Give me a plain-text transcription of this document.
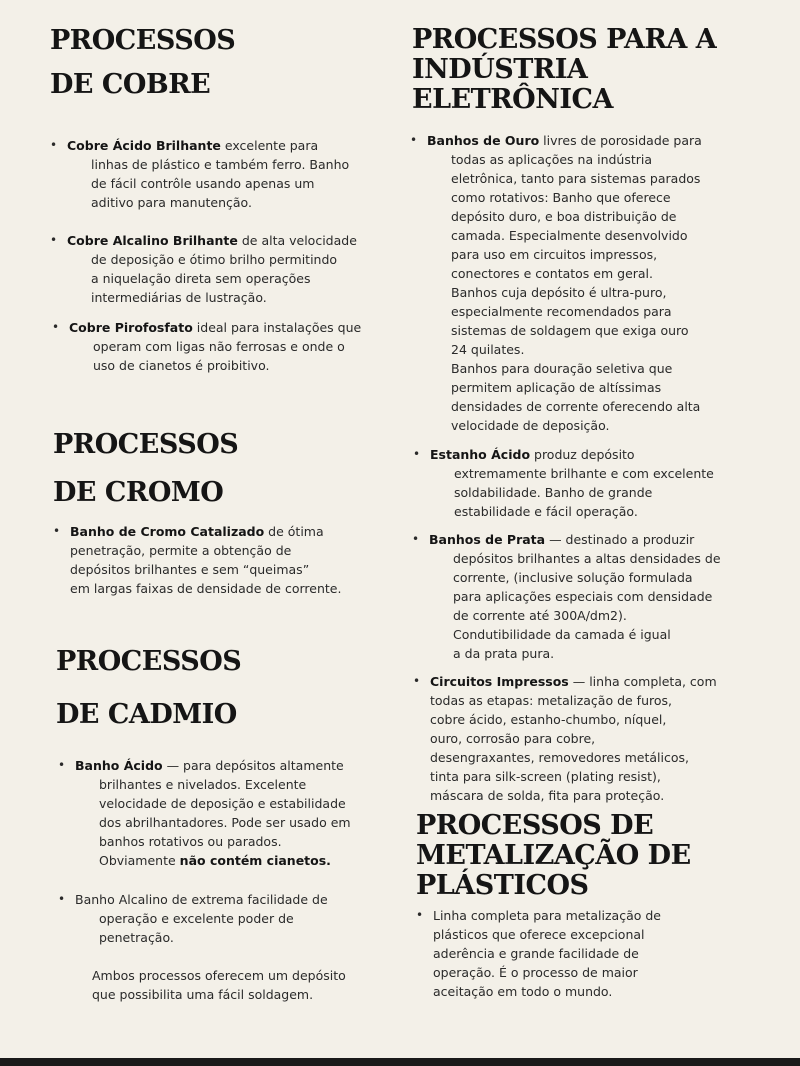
PROCESSOS
DE COBRE
• Cobre Ácido Brilhante excelente para
linhas de plástico e também ferro. Banho
de fácil contrôle usando apenas um
aditivo para manutenção.
• Cobre Alcalino Brilhante de alta velocidade
de deposição e ótimo brilho permitindo
a niquelação direta sem operações
intermediárias de lustração.
• Cobre Pirofosfato ideal para instalações que
operam com ligas não ferrosas e onde o
uso de cianetos é proibitivo.
PROCESSOS
DE CROMO
• Banho de Cromo Catalizado de ótima
penetração, permite a obtenção de
depósitos brilhantes e sem “queimas”
em largas faixas de densidade de corrente.
PROCESSOS
DE CADMIO
• Banho Ácido — para depósitos altamente
brilhantes e nivelados. Excelente
velocidade de deposição e estabilidade
dos abrilhantadores. Pode ser usado em
banhos rotativos ou parados.
Obviamente não contém cianetos.
• Banho Alcalino de extrema facilidade de
operação e excelente poder de
penetração.
Ambos processos oferecem um depósito
que possibilita uma fácil soldagem.
PROCESSOS PARA A
INDÚSTRIA
ELETRÔNICA
• Banhos de Ouro livres de porosidade para
todas as aplicações na indústria
eletrônica, tanto para sistemas parados
como rotativos: Banho que oferece
depósito duro, e boa distribuição de
camada. Especialmente desenvolvido
para uso em circuitos impressos,
conectores e contatos em geral.
Banhos cuja depósito é ultra-puro,
especialmente recomendados para
sistemas de soldagem que exiga ouro
24 quilates.
Banhos para douração seletiva que
permitem aplicação de altíssimas
densidades de corrente oferecendo alta
velocidade de deposição.
• Estanho Ácido produz depósito
extremamente brilhante e com excelente
soldabilidade. Banho de grande
estabilidade e fácil operação.
• Banhos de Prata — destinado a produzir
depósitos brilhantes a altas densidades de
corrente, (inclusive solução formulada
para aplicações especiais com densidade
de corrente até 300A/dm2).
Condutibilidade da camada é igual
a da prata pura.
• Circuitos Impressos — linha completa, com
todas as etapas: metalização de furos,
cobre ácido, estanho-chumbo, níquel,
ouro, corrosão para cobre,
desengraxantes, removedores metálicos,
tinta para silk-screen (plating resist),
máscara de solda, fita para proteção.
PROCESSOS DE
METALIZAÇÃO DE
PLÁSTICOS
• Linha completa para metalização de
plásticos que oferece excepcional
aderência e grande facilidade de
operação. É o processo de maior
aceitação em todo o mundo.
